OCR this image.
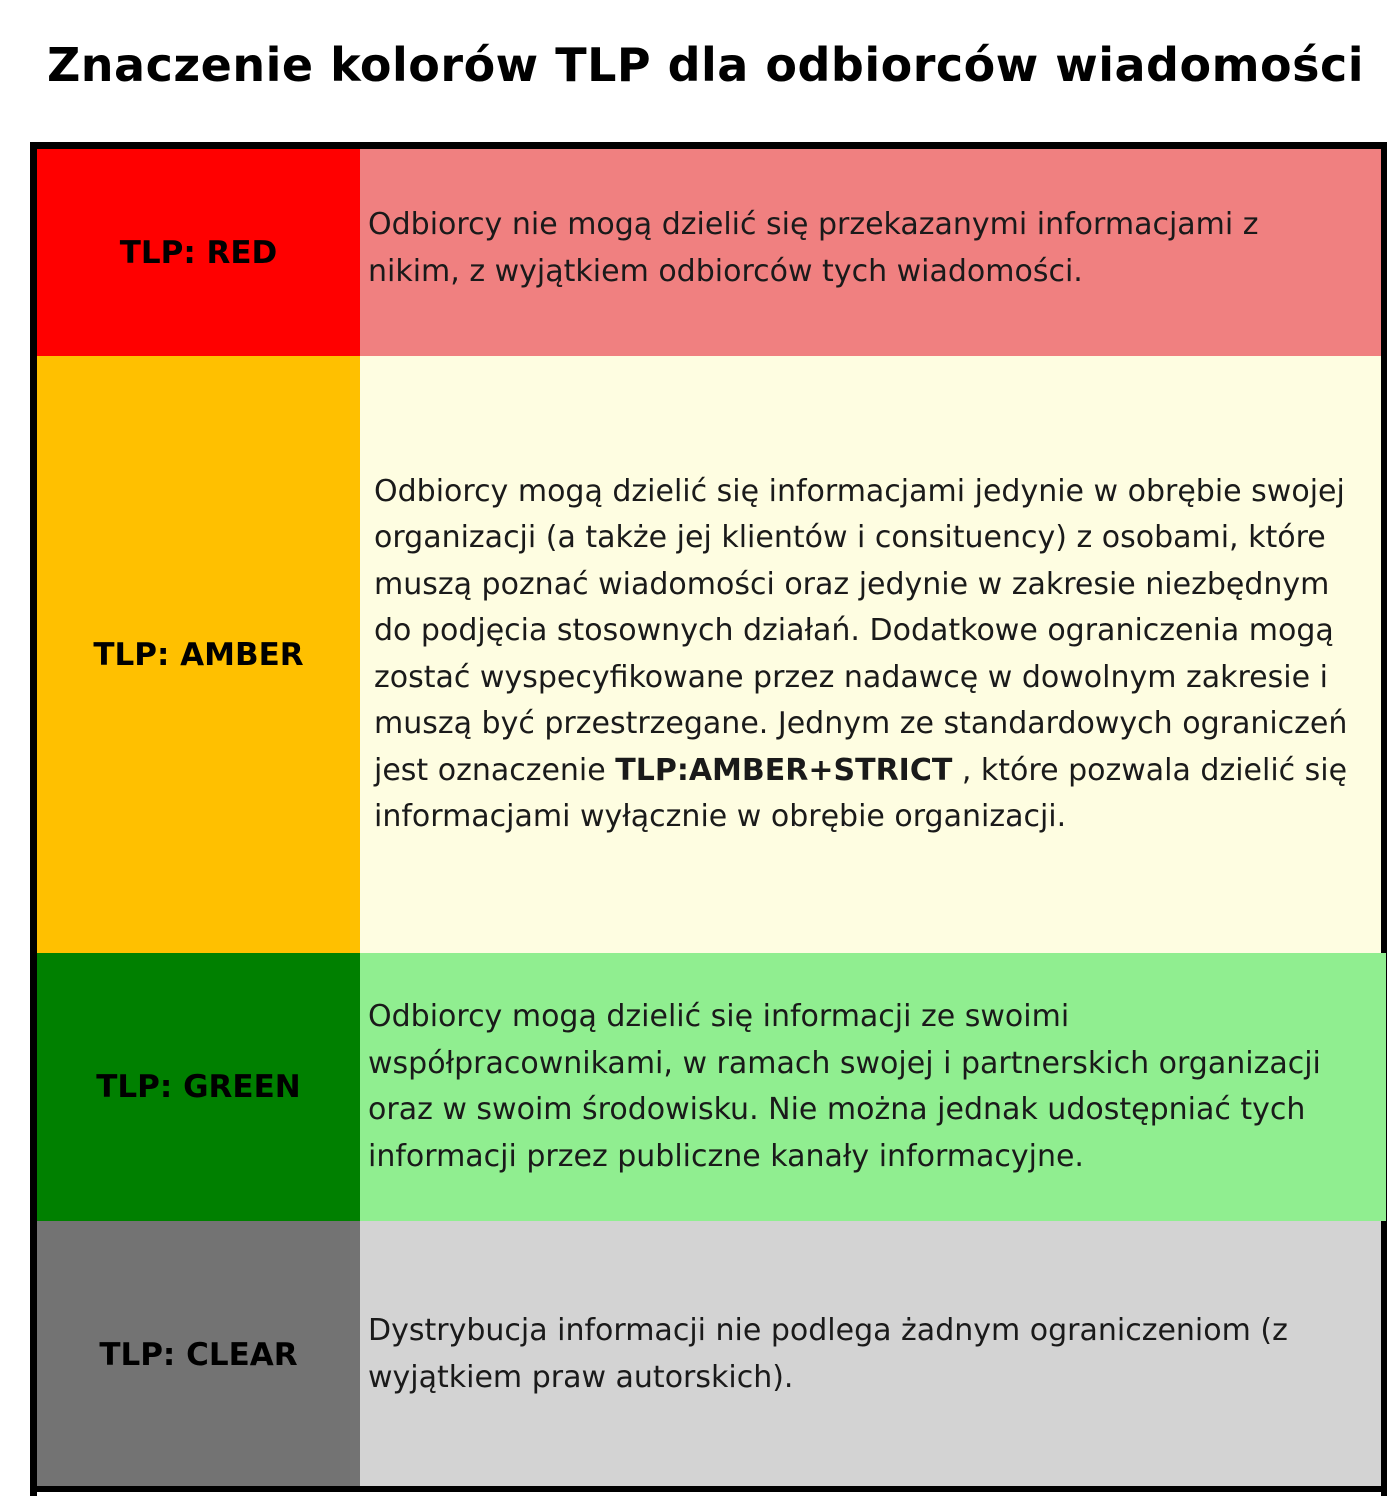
Znaczenie kolorów TLP dla odbiorców wiadomości
TLP: RED

Odbiorcy nie mogą dzielić się przekazanymi informacjami z nikim, z wyjątkiem odbiorców tych wiadomości.

TLP: AMBER

Odbiorcy mogą dzielić się informacjami jedynie w obrębie swojej organizacji (a także jej klientów i consituency) z osobami, które muszą poznać wiadomości oraz jedynie w zakresie niezbędnym do podjęcia stosownych działań. Dodatkowe ograniczenia mogą zostać wyspecyfikowane przez nadawcę w dowolnym zakresie i muszą być przestrzegane. Jednym ze standardowych ograniczeń jest oznaczenie TLP:AMBER+STRICT , które pozwala dzielić się informacjami wyłącznie w obrębie organizacji.

TLP: GREEN

Odbiorcy mogą dzielić się informacji ze swoimi współpracownikami, w ramach swojej i partnerskich organizacji oraz w swoim środowisku. Nie można jednak udostępniać tych informacji przez publiczne kanały informacyjne.

TLP: CLEAR

Dystrybucja informacji nie podlega żadnym ograniczeniom (z wyjątkiem praw autorskich).
